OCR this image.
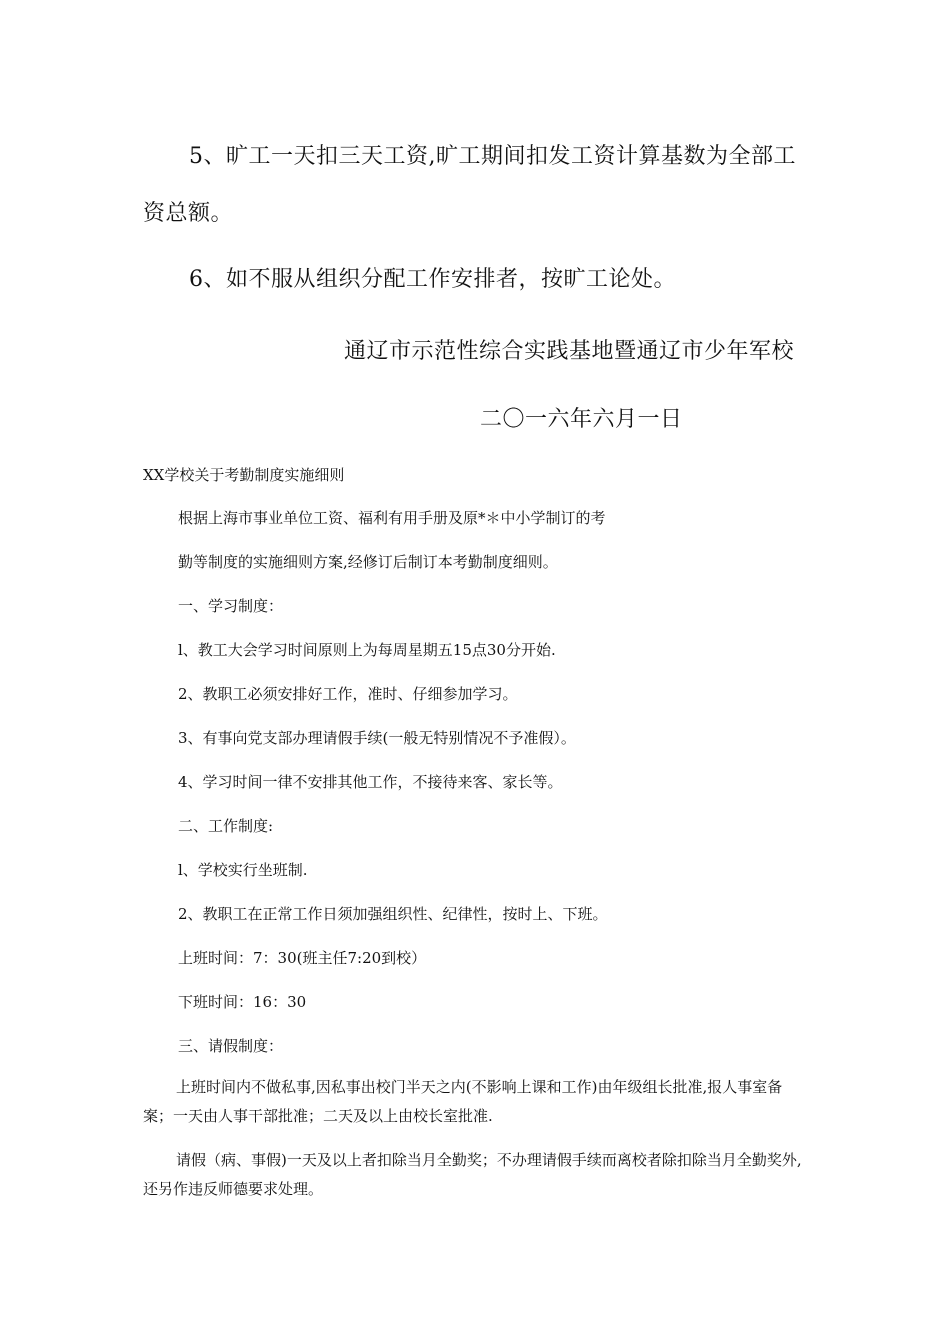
5、旷工一天扣三天工资,旷工期间扣发工资计算基数为全部工

资总额。

6、如不服从组织分配工作安排者，按旷工论处。

通辽市示范性综合实践基地暨通辽市少年军校

二〇一六年六月一日

XX学校关于考勤制度实施细则

根据上海市事业单位工资、福利有用手册及原*＊中小学制订的考

勤等制度的实施细则方案,经修订后制订本考勤制度细则。

一、学习制度：

l、教工大会学习时间原则上为每周星期五15点30分开始.

2、教职工必须安排好工作，准时、仔细参加学习。

3、有事向党支部办理请假手续(一般无特别情况不予准假）。

4、学习时间一律不安排其他工作，不接待来客、家长等。

二、工作制度:

l、学校实行坐班制.

2、教职工在正常工作日须加强组织性、纪律性，按时上、下班。

上班时间：7：30(班主任7:20到校）

下班时间：16：30

三、请假制度：

上班时间内不做私事,因私事出校门半天之内(不影响上课和工作)由年级组长批准,报人事室备案；一天由人事干部批准；二天及以上由校长室批准.

请假（病、事假)一天及以上者扣除当月全勤奖；不办理请假手续而离校者除扣除当月全勤奖外,还另作违反师德要求处理。
